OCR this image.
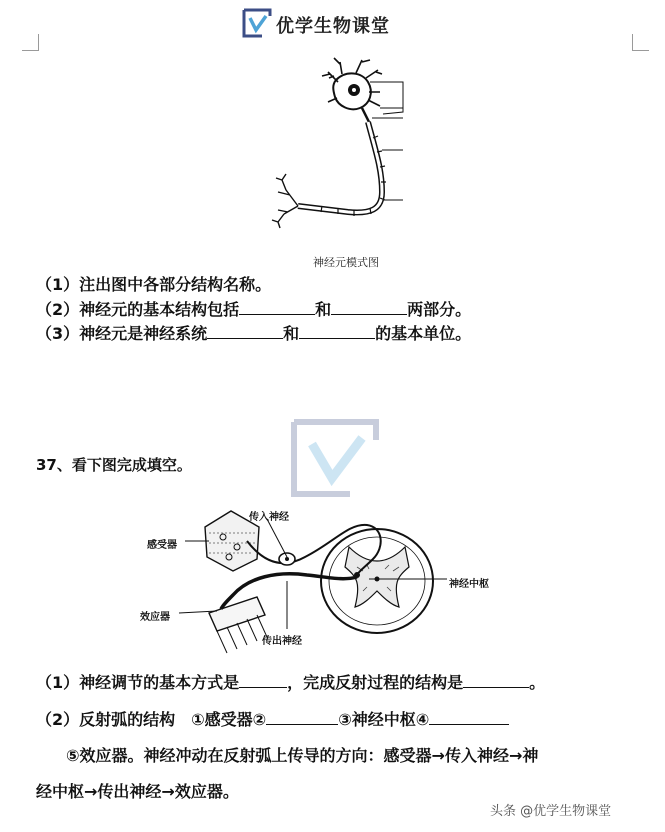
优学生物课堂
神经元模式图
（1）注出图中各部分结构名称。
（2）神经元的基本结构包括	和	两部分。
（3）神经元是神经系统	和	的基本单位。
37、看下图完成填空。
感受器
传入神经
效应器
传出神经
神经中枢
（1）神经调节的基本方式是	，完成反射过程的结构是	。
（2）反射弧的结构　①感受器②	③神经中枢④
⑤效应器。神经冲动在反射弧上传导的方向：感受器→传入神经→神
经中枢→传出神经→效应器。
头条 @优学生物课堂
